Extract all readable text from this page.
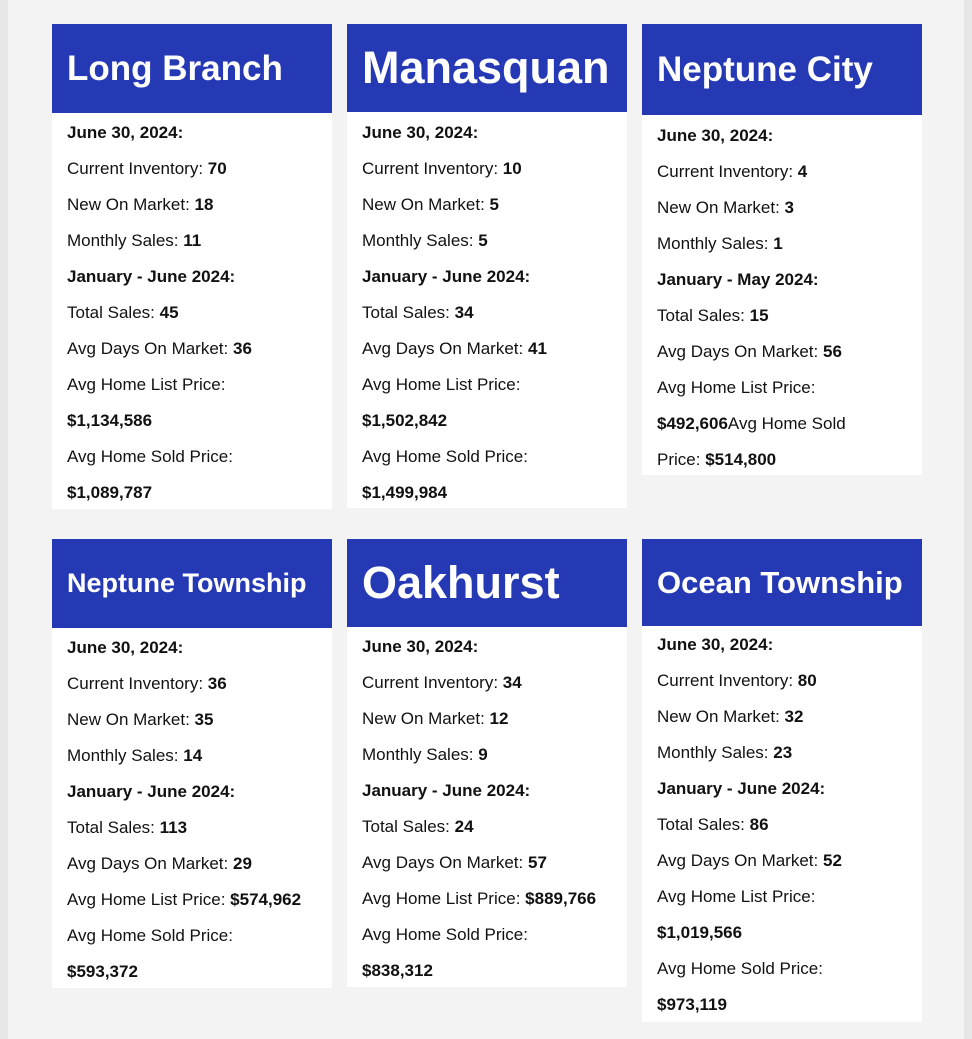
Long Branch
June 30, 2024:
Current Inventory: 70
New On Market: 18
Monthly Sales: 11
January - June 2024:
Total Sales: 45
Avg Days On Market: 36
Avg Home List Price:
$1,134,586
Avg Home Sold Price:
$1,089,787
Manasquan
June 30, 2024:
Current Inventory: 10
New On Market: 5
Monthly Sales: 5
January - June 2024:
Total Sales: 34
Avg Days On Market: 41
Avg Home List Price:
$1,502,842
Avg Home Sold Price:
$1,499,984
Neptune City
June 30, 2024:
Current Inventory: 4
New On Market: 3
Monthly Sales: 1
January - May 2024:
Total Sales: 15
Avg Days On Market: 56
Avg Home List Price:
$492,606Avg Home Sold Price: $514,800
Neptune Township
June 30, 2024:
Current Inventory: 36
New On Market: 35
Monthly Sales: 14
January - June 2024:
Total Sales: 113
Avg Days On Market: 29
Avg Home List Price: $574,962
Avg Home Sold Price:
$593,372
Oakhurst
June 30, 2024:
Current Inventory: 34
New On Market: 12
Monthly Sales: 9
January - June 2024:
Total Sales: 24
Avg Days On Market: 57
Avg Home List Price: $889,766
Avg Home Sold Price:
$838,312
Ocean Township
June 30, 2024:
Current Inventory: 80
New On Market: 32
Monthly Sales: 23
January - June 2024:
Total Sales: 86
Avg Days On Market: 52
Avg Home List Price:
$1,019,566
Avg Home Sold Price:
$973,119
